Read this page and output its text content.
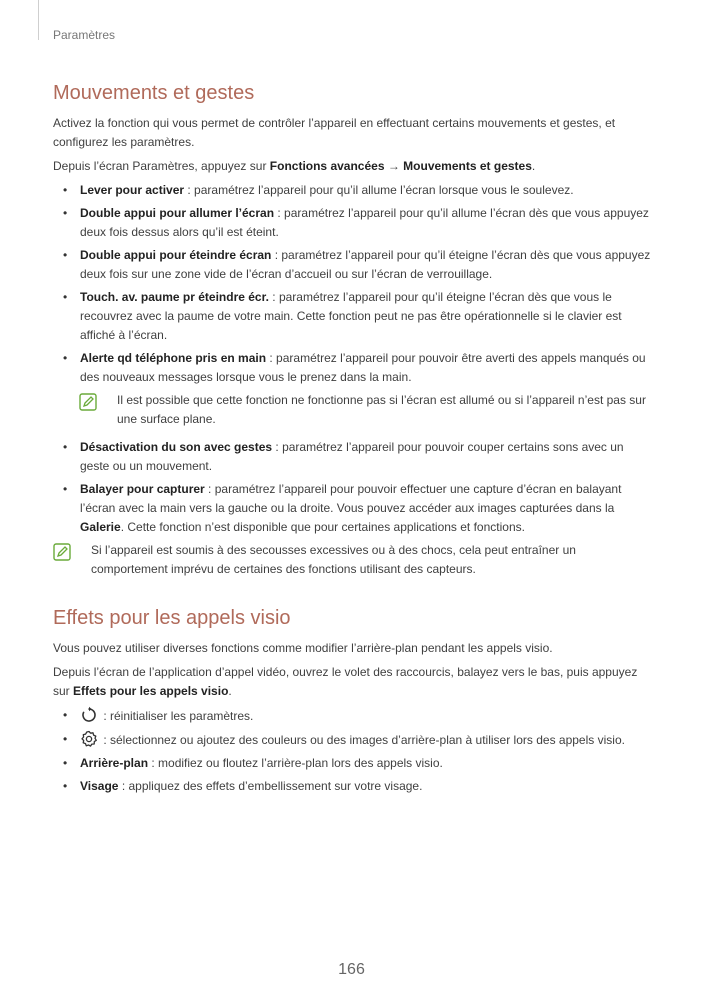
Paramètres
Mouvements et gestes

Activez la fonction qui vous permet de contrôler l’appareil en effectuant certains mouvements et gestes, et configurez les paramètres.

Depuis l’écran Paramètres, appuyez sur Fonctions avancées → Mouvements et gestes.

• Lever pour activer : paramétrez l’appareil pour qu’il allume l’écran lorsque vous le soulevez.
• Double appui pour allumer l’écran : paramétrez l’appareil pour qu’il allume l’écran dès que vous appuyez deux fois dessus alors qu’il est éteint.
• Double appui pour éteindre écran : paramétrez l’appareil pour qu’il éteigne l’écran dès que vous appuyez deux fois sur une zone vide de l’écran d’accueil ou sur l’écran de verrouillage.
• Touch. av. paume pr éteindre écr. : paramétrez l’appareil pour qu’il éteigne l’écran dès que vous le recouvrez avec la paume de votre main. Cette fonction peut ne pas être opérationnelle si le clavier est affiché à l’écran.
• Alerte qd téléphone pris en main : paramétrez l’appareil pour pouvoir être averti des appels manqués ou des nouveaux messages lorsque vous le prenez dans la main.
Il est possible que cette fonction ne fonctionne pas si l’écran est allumé ou si l’appareil n’est pas sur une surface plane.
• Désactivation du son avec gestes : paramétrez l’appareil pour pouvoir couper certains sons avec un geste ou un mouvement.
• Balayer pour capturer : paramétrez l’appareil pour pouvoir effectuer une capture d’écran en balayant l’écran avec la main vers la gauche ou la droite. Vous pouvez accéder aux images capturées dans la Galerie. Cette fonction n’est disponible que pour certaines applications et fonctions.
Si l’appareil est soumis à des secousses excessives ou à des chocs, cela peut entraîner un comportement imprévu de certaines des fonctions utilisant des capteurs.
Effets pour les appels visio

Vous pouvez utiliser diverses fonctions comme modifier l’arrière-plan pendant les appels visio.

Depuis l’écran de l’application d’appel vidéo, ouvrez le volet des raccourcis, balayez vers le bas, puis appuyez sur Effets pour les appels visio.

• : réinitialiser les paramètres.
• : sélectionnez ou ajoutez des couleurs ou des images d’arrière-plan à utiliser lors des appels visio.
• Arrière-plan : modifiez ou floutez l’arrière-plan lors des appels visio.
• Visage : appliquez des effets d’embellissement sur votre visage.
166
